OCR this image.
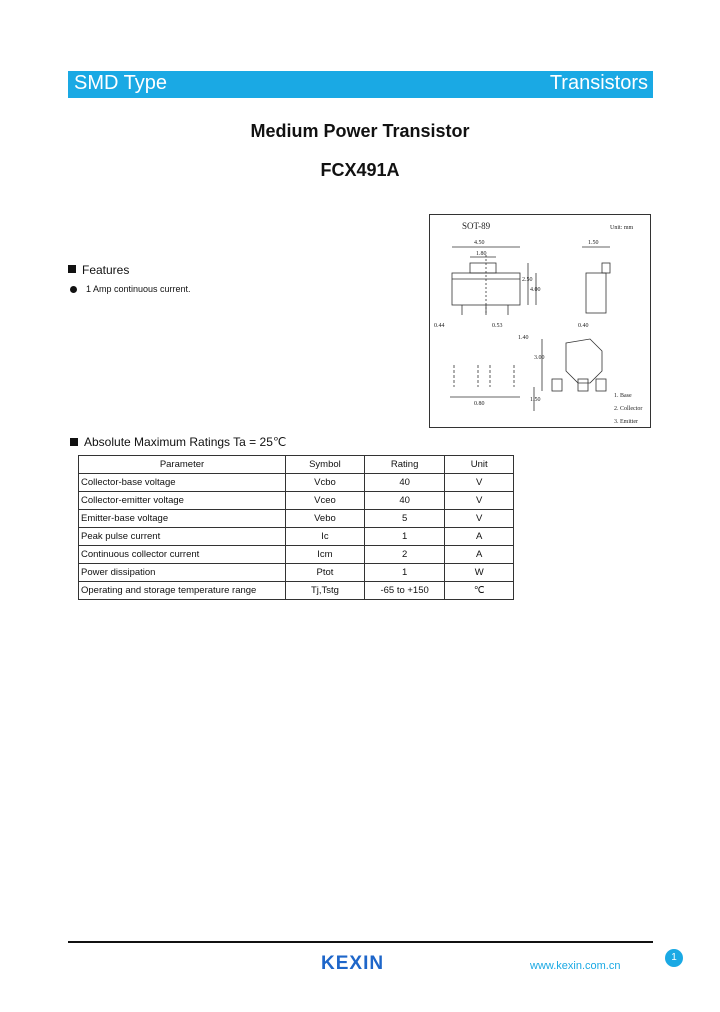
SMD Type	Transistors
Medium Power Transistor
FCX491A
SOT-89	Unit: mm
4.50
1.80
1.50
2.50
4.00
0.44	0.53	0.40
1.40
3.00
0.80
1.50
1. Base
2. Collector
3. Emitter
Features
1 Amp continuous current.
Absolute Maximum Ratings Ta = 25℃
Parameter	Symbol	Rating	Unit
Collector-base voltage	Vcbo	40	V
Collector-emitter voltage	Vceo	40	V
Emitter-base voltage	Vebo	5	V
Peak pulse current	Ic	1	A
Continuous collector current	Icm	2	A
Power dissipation	Ptot	1	W
Operating and storage temperature range	Tj,Tstg	-65 to +150	℃
KEXIN	www.kexin.com.cn
1
